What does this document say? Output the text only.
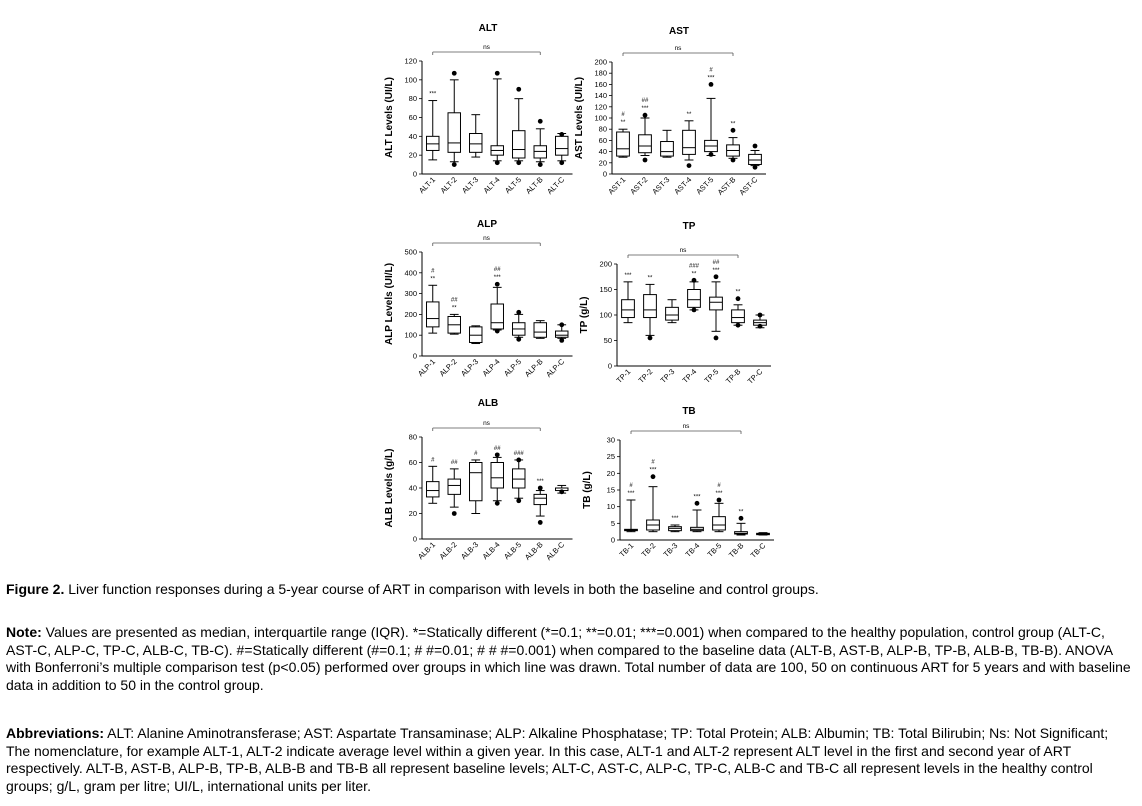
ALT
0
20
40
60
80
100
120
ALT Levels (UI/L)
ns
***
ALT-1 ALT-2 ALT-3 ALT-4 ALT-5 ALT-B ALT-C
AST
0
20
40
60
80
100
120
140
160
180
200
AST Levels (UI/L)
ns
**
#
***
##
**
***
#
**
AST-1 AST-2 AST-3 AST-4 AST-5 AST-B AST-C
ALP
0
100
200
300
400
500
ALP Levels (UI/L)
ns
**
#
**
##
***
##
ALP-1 ALP-2 ALP-3 ALP-4 ALP-5 ALP-B ALP-C
TP
0
50
100
150
200
TP (g/L)
ns
***	**
**
###
***
##
**
TP-1 TP-2 TP-3 TP-4 TP-5 TP-B TP-C
ALB
0
20
40
60
80
ALB Levels (g/L)
ns
#	##
#
##
###
***
ALB-1 ALB-2 ALB-3 ALB-4 ALB-5 ALB-B ALB-C
TB
0
5
10
15
20
25
30
TB (g/L)
ns
***
#
***
#
***
***
***
#
**
TB-1 TB-2 TB-3 TB-4 TB-5 TB-B TB-C
Figure 2. Liver function responses during a 5-year course of ART in comparison with levels in both the baseline and control groups.
Note: Values are presented as median, interquartile range (IQR). *=Statically different (*=0.1; **=0.01; ***=0.001) when compared to the healthy population, control group (ALT-C, AST-C, ALP-C, TP-C, ALB-C, TB-C). #=Statically different (#=0.1; # #=0.01; # # #=0.001) when compared to the baseline data (ALT-B, AST-B, ALP-B, TP-B, ALB-B, TB-B). ANOVA with Bonferroni’s multiple comparison test (p<0.05) performed over groups in which line was drawn. Total number of data are 100, 50 on continuous ART for 5 years and with baseline data in addition to 50 in the control group.
Abbreviations: ALT: Alanine Aminotransferase; AST: Aspartate Transaminase; ALP: Alkaline Phosphatase; TP: Total Protein; ALB: Albumin; TB: Total Bilirubin; Ns: Not Significant; The nomenclature, for example ALT-1, ALT-2 indicate average level within a given year. In this case, ALT-1 and ALT-2 represent ALT level in the first and second year of ART respectively. ALT-B, AST-B, ALP-B, TP-B, ALB-B and TB-B all represent baseline levels; ALT-C, AST-C, ALP-C, TP-C, ALB-C and TB-C all represent levels in the healthy control groups; g/L, gram per litre; UI/L, international units per liter.
